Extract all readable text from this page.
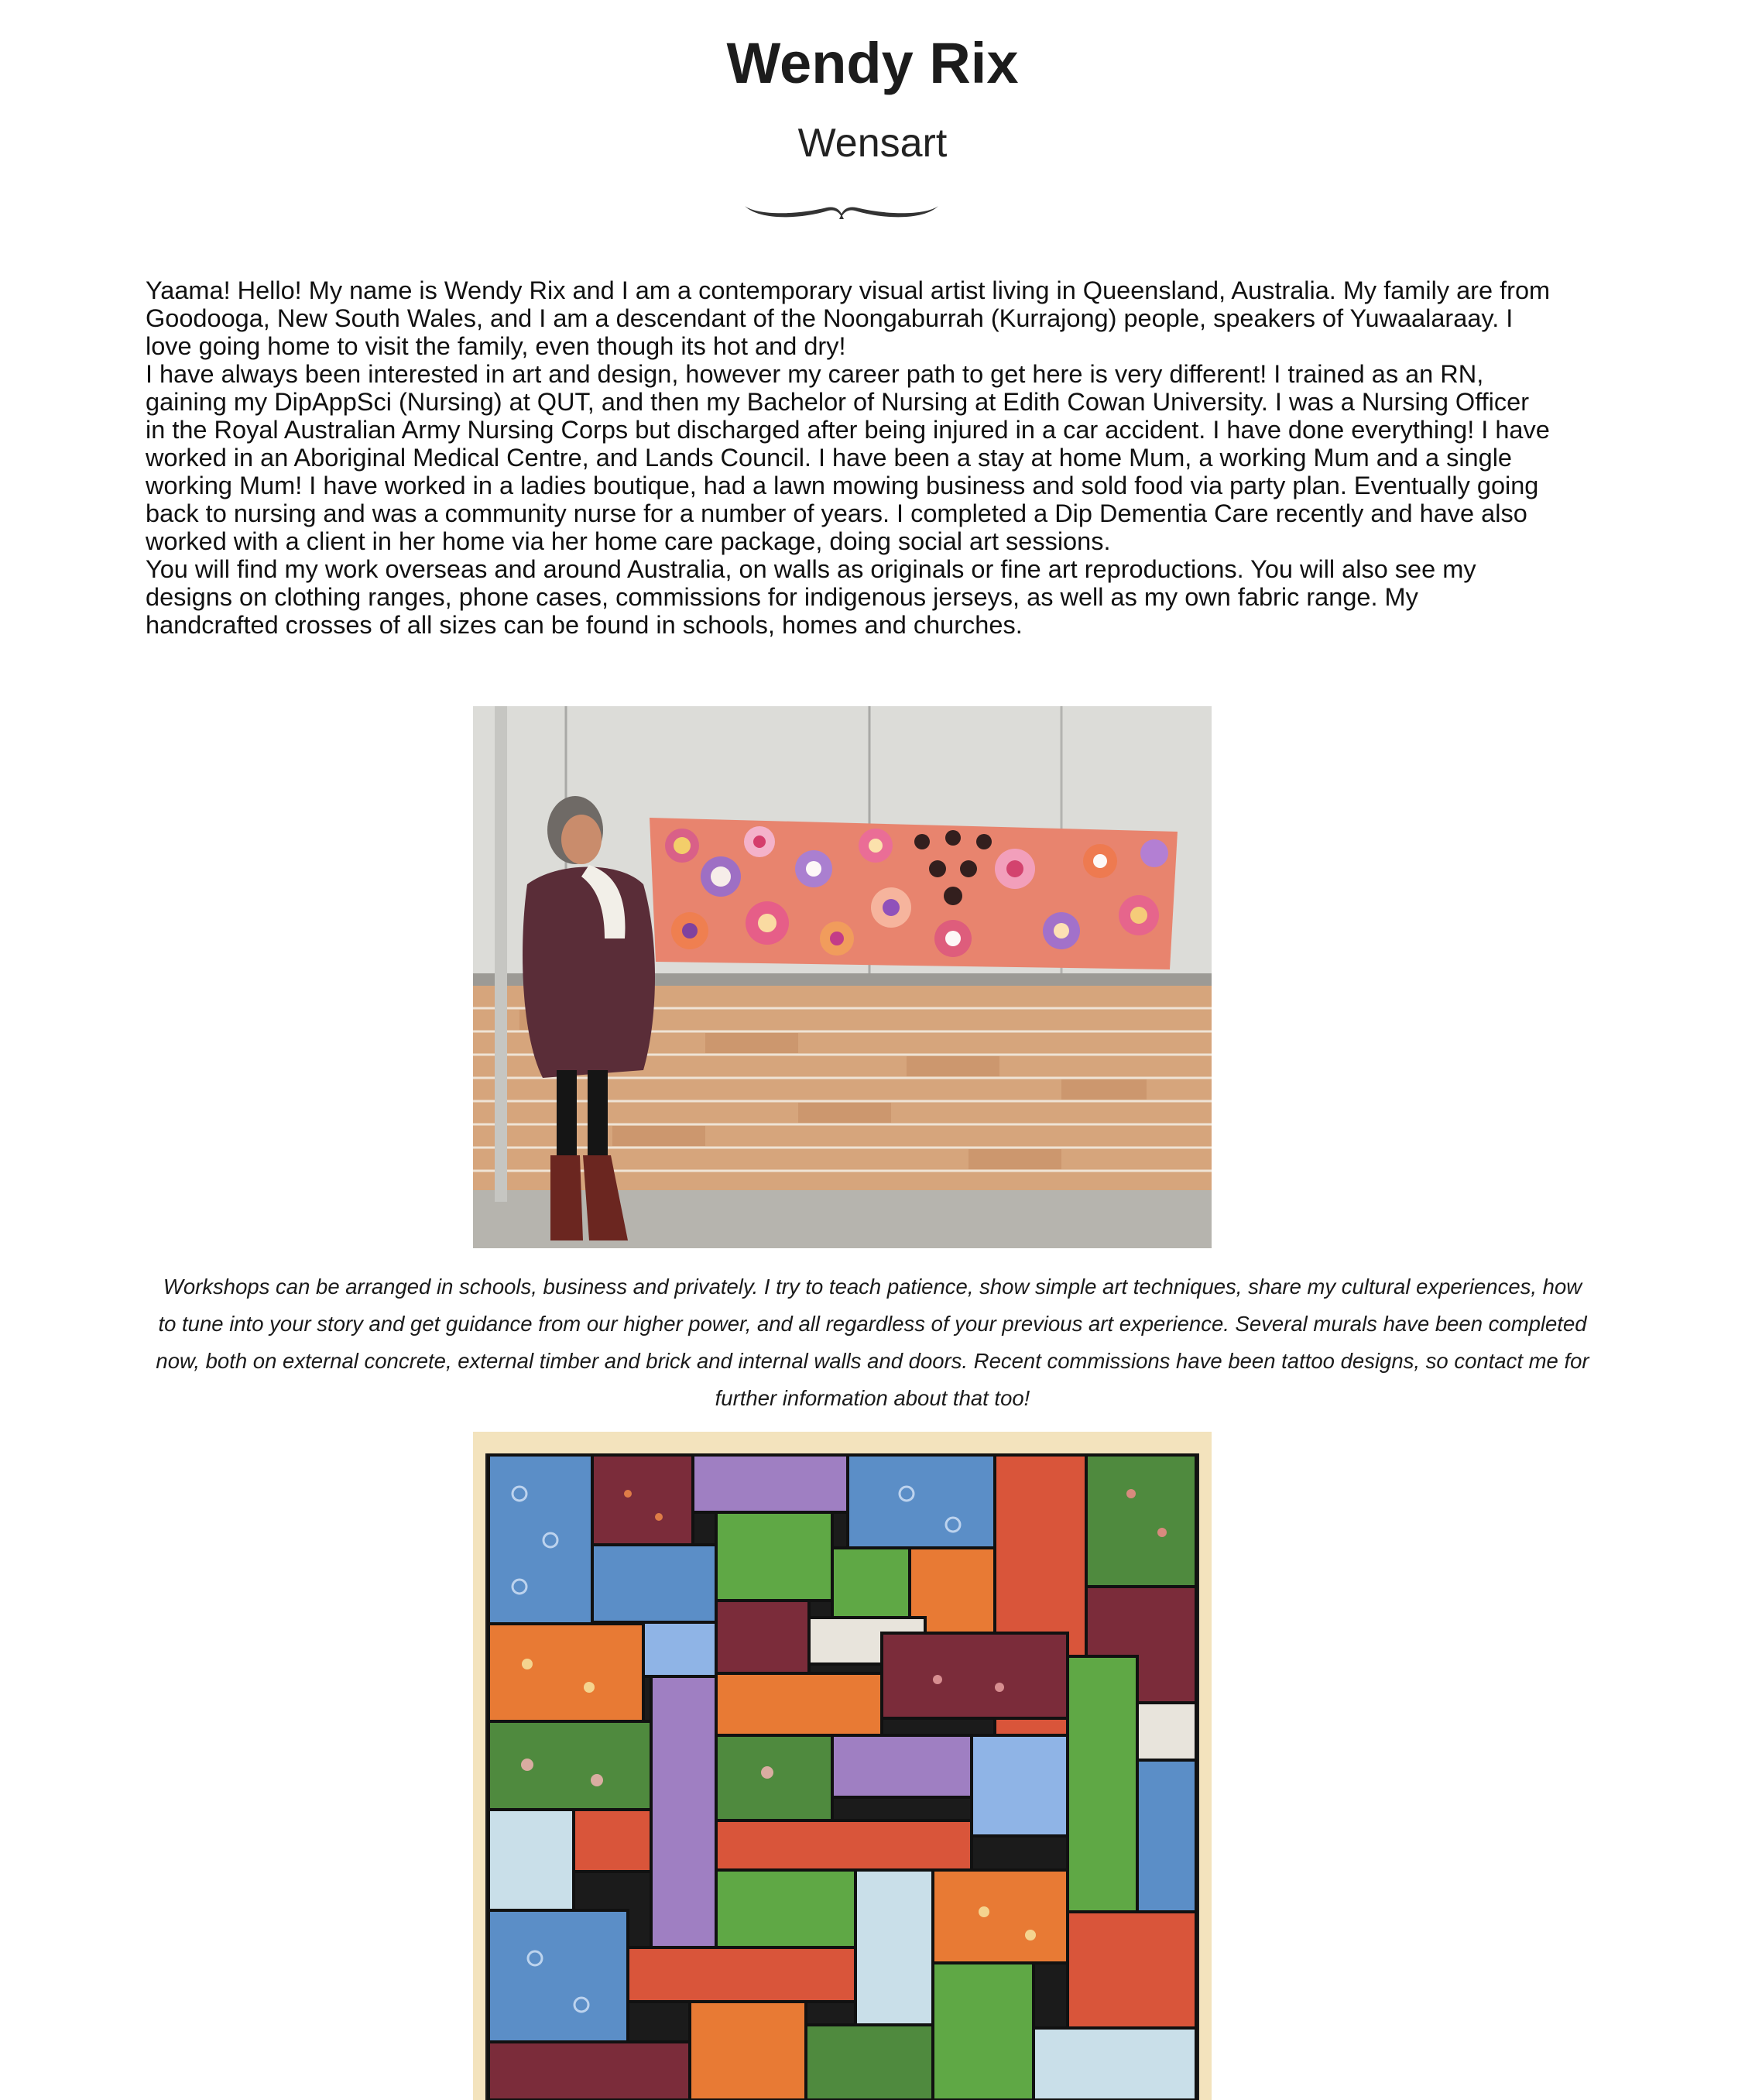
Wendy Rix
Wensart

Yaama! Hello! My name is Wendy Rix and I am a contemporary visual artist living in Queensland, Australia. My family are from Goodooga, New South Wales, and I am a descendant of the Noongaburrah (Kurrajong) people, speakers of Yuwaalaraay. I love going home to visit the family, even though its hot and dry!

I have always been interested in art and design, however my career path to get here is very different! I trained as an RN, gaining my DipAppSci (Nursing) at QUT, and then my Bachelor of Nursing at Edith Cowan University. I was a Nursing Officer in the Royal Australian Army Nursing Corps but discharged after being injured in a car accident. I have done everything! I have worked in an Aboriginal Medical Centre, and Lands Council. I have been a stay at home Mum, a working Mum and a single working Mum! I have worked in a ladies boutique, had a lawn mowing business and sold food via party plan. Eventually going back to nursing and was a community nurse for a number of years. I completed a Dip Dementia Care recently and have also worked with a client in her home via her home care package, doing social art sessions.

You will find my work overseas and around Australia, on walls as originals or fine art reproductions. You will also see my designs on clothing ranges, phone cases, commissions for indigenous jerseys, as well as my own fabric range. My handcrafted crosses of all sizes can be found in schools, homes and churches.

Workshops can be arranged in schools, business and privately. I try to teach patience, show simple art techniques, share my cultural experiences, how to tune into your story and get guidance from our higher power, and all regardless of your previous art experience. Several murals have been completed now, both on external concrete, external timber and brick and internal walls and doors. Recent commissions have been tattoo designs, so contact me for further information about that too!
